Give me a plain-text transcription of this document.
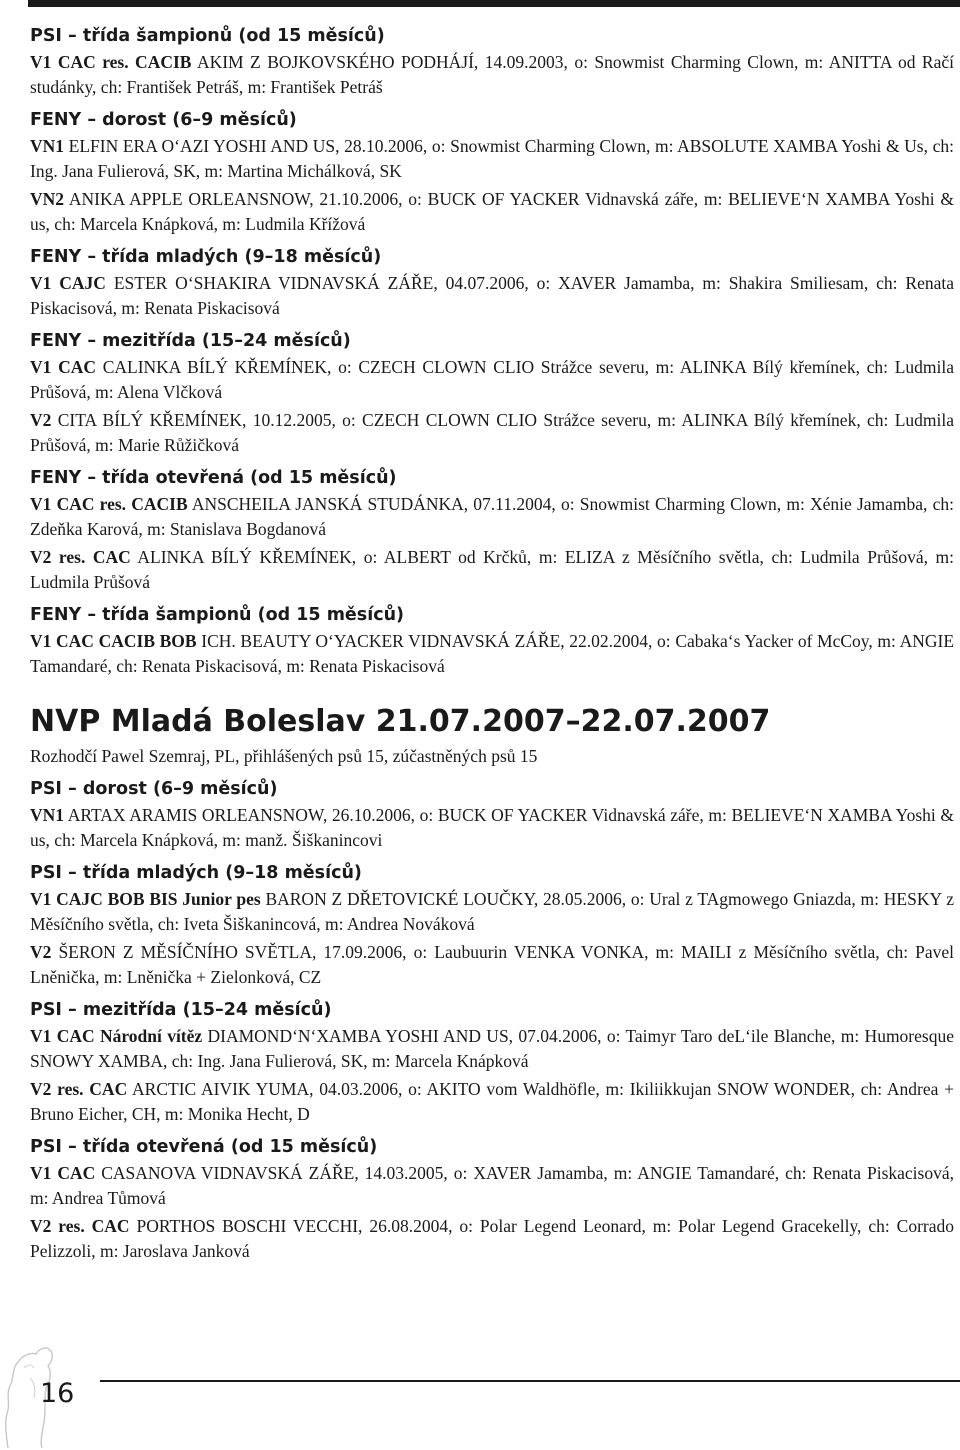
PSI – třída šampionů (od 15 měsíců)

V1 CAC res. CACIB AKIM Z BOJKOVSKÉHO PODHÁJÍ, 14.09.2003, o: Snowmist Charming Clown, m: ANITTA od Račí studánky, ch: František Petráš, m: František Petráš

FENY – dorost (6–9 měsíců)

VN1 ELFIN ERA O‘AZI YOSHI AND US, 28.10.2006, o: Snowmist Charming Clown, m: ABSOLUTE XAMBA Yoshi & Us, ch: Ing. Jana Fulierová, SK, m: Martina Michálková, SK

VN2 ANIKA APPLE ORLEANSNOW, 21.10.2006, o: BUCK OF YACKER Vidnavská záře, m: BELIEVE‘N XAMBA Yoshi & us, ch: Marcela Knápková, m: Ludmila Křížová

FENY – třída mladých (9–18 měsíců)

V1 CAJC ESTER O‘SHAKIRA VIDNAVSKÁ ZÁŘE, 04.07.2006, o: XAVER Jamamba, m: Shakira Smiliesam, ch: Renata Piskacisová, m: Renata Piskacisová

FENY – mezitřída (15–24 měsíců)

V1 CAC CALINKA BÍLÝ KŘEMÍNEK, o: CZECH CLOWN CLIO Strážce severu, m: ALINKA Bílý křemínek, ch: Ludmila Průšová, m: Alena Vlčková

V2 CITA BÍLÝ KŘEMÍNEK, 10.12.2005, o: CZECH CLOWN CLIO Strážce severu, m: ALINKA Bílý křemínek, ch: Ludmila Průšová, m: Marie Růžičková

FENY – třída otevřená (od 15 měsíců)

V1 CAC res. CACIB ANSCHEILA JANSKÁ STUDÁNKA, 07.11.2004, o: Snowmist Charming Clown, m: Xénie Jamamba, ch: Zdeňka Karová, m: Stanislava Bogdanová

V2 res. CAC ALINKA BÍLÝ KŘEMÍNEK, o: ALBERT od Krčků, m: ELIZA z Měsíčního světla, ch: Ludmila Průšová, m: Ludmila Průšová

FENY – třída šampionů (od 15 měsíců)

V1 CAC CACIB BOB ICH. BEAUTY O‘YACKER VIDNAVSKÁ ZÁŘE, 22.02.2004, o: Cabaka‘s Yacker of McCoy, m: ANGIE Tamandaré, ch: Renata Piskacisová, m: Renata Piskacisová

NVP Mladá Boleslav 21.07.2007–22.07.2007

Rozhodčí Pawel Szemraj, PL, přihlášených psů 15, zúčastněných psů 15

PSI – dorost (6–9 měsíců)

VN1 ARTAX ARAMIS ORLEANSNOW, 26.10.2006, o: BUCK OF YACKER Vidnavská záře, m: BELIEVE‘N XAMBA Yoshi & us, ch: Marcela Knápková, m: manž. Šiškanincovi

PSI – třída mladých (9–18 měsíců)

V1 CAJC BOB BIS Junior pes BARON Z DŘETOVICKÉ LOUČKY, 28.05.2006, o: Ural z TAgmowego Gniazda, m: HESKY z Měsíčního světla, ch: Iveta Šiškanincová, m: Andrea Nováková

V2 ŠERON Z MĚSÍČNÍHO SVĚTLA, 17.09.2006, o: Laubuurin VENKA VONKA, m: MAILI z Měsíčního světla, ch: Pavel Lněnička, m: Lněnička + Zielonková, CZ

PSI – mezitřída (15–24 měsíců)

V1 CAC Národní vítěz DIAMOND‘N‘XAMBA YOSHI AND US, 07.04.2006, o: Taimyr Taro deL‘ile Blanche, m: Humoresque SNOWY XAMBA, ch: Ing. Jana Fulierová, SK, m: Marcela Knápková

V2 res. CAC ARCTIC AIVIK YUMA, 04.03.2006, o: AKITO vom Waldhöfle, m: Ikiliikkujan SNOW WONDER, ch: Andrea + Bruno Eicher, CH, m: Monika Hecht, D

PSI – třída otevřená (od 15 měsíců)

V1 CAC CASANOVA VIDNAVSKÁ ZÁŘE, 14.03.2005, o: XAVER Jamamba, m: ANGIE Tamandaré, ch: Renata Piskacisová, m: Andrea Tůmová

V2 res. CAC PORTHOS BOSCHI VECCHI, 26.08.2004, o: Polar Legend Leonard, m: Polar Legend Gracekelly, ch: Corrado Pelizzoli, m: Jaroslava Janková

16
